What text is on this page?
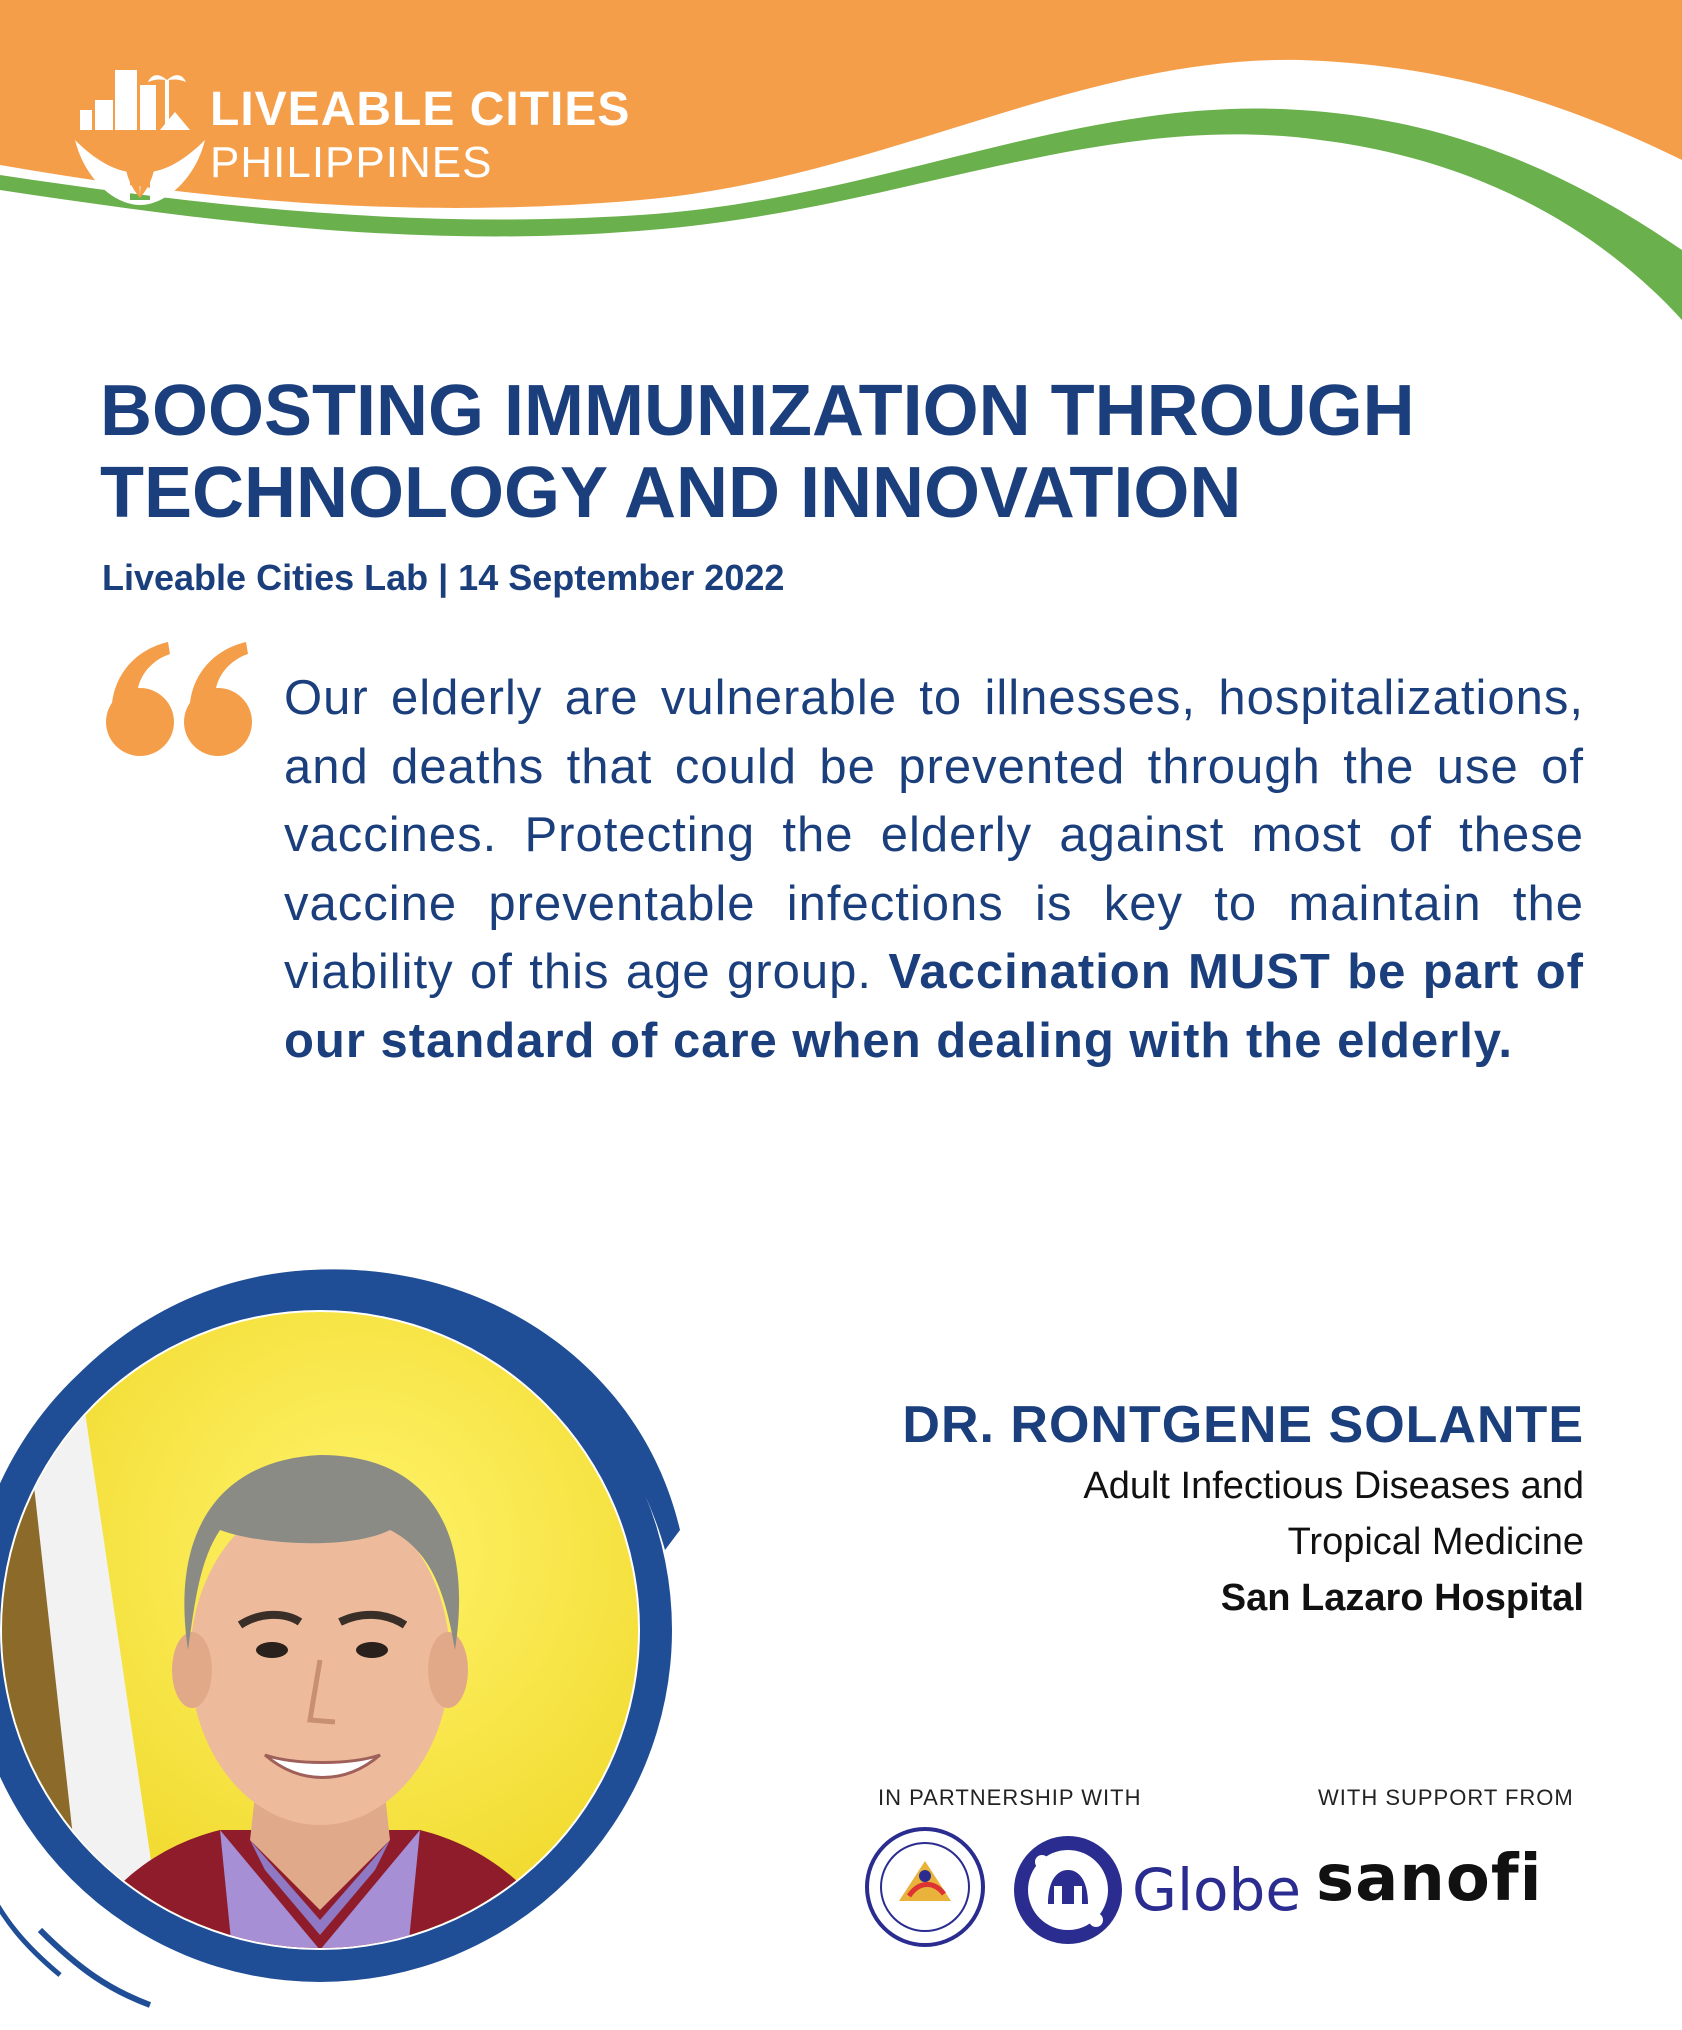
LIVEABLE CITIES
PHILIPPINES
BOOSTING IMMUNIZATION THROUGH TECHNOLOGY AND INNOVATION
Liveable Cities Lab | 14 September 2022
Our elderly are vulnerable to illnesses, hospitalizations, and deaths that could be prevented through the use of vaccines. Protecting the elderly against most of these vaccine preventable infections is key to maintain the viability of this age group. Vaccination MUST be part of our standard of care when dealing with the elderly.
DR. RONTGENE SOLANTE
Adult Infectious Diseases and
Tropical Medicine
San Lazaro Hospital
IN PARTNERSHIP WITH	WITH SUPPORT FROM
Globe sanofi
